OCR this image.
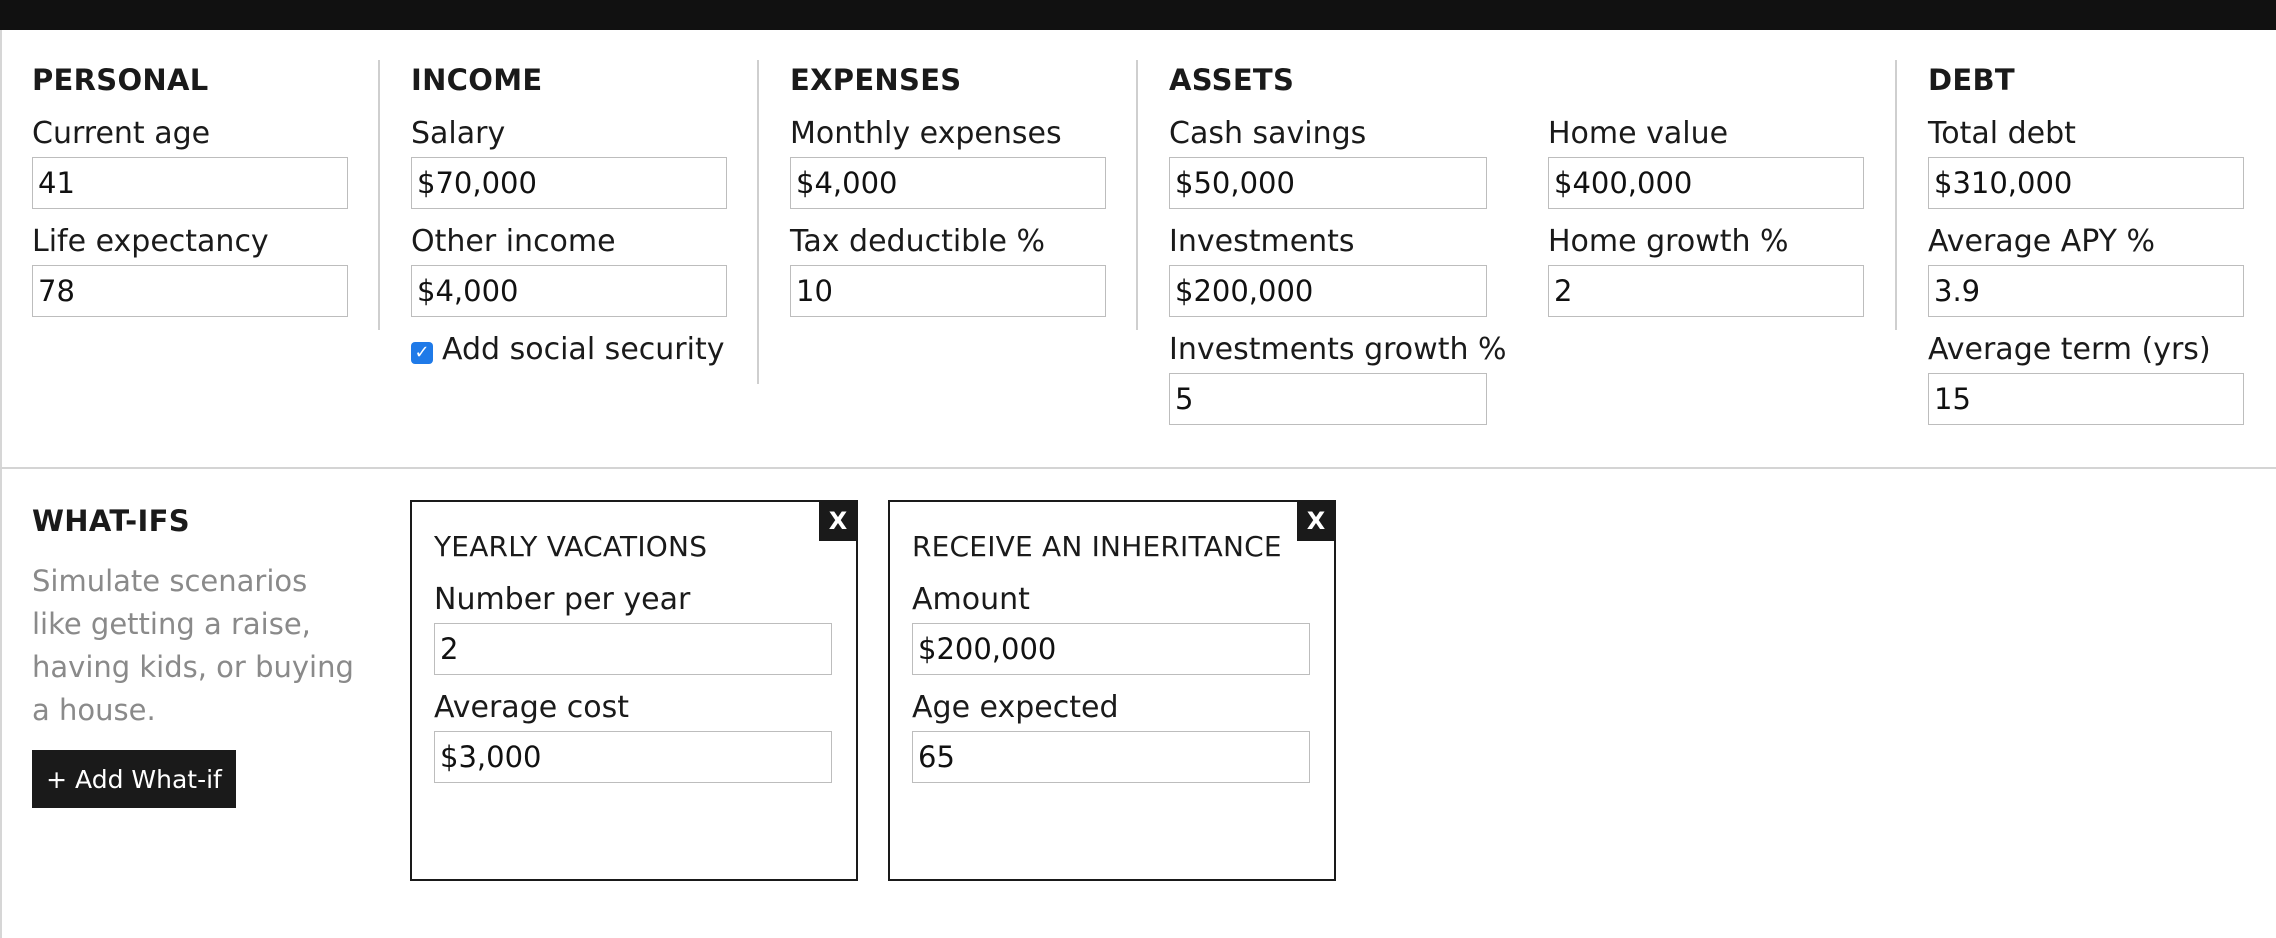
PERSONAL
Current age
41
Life expectancy
78
INCOME
Salary
$70,000
Other income
$4,000
✓ Add social security
EXPENSES
Monthly expenses
$4,000
Tax deductible %
10
ASSETS
Cash savings
$50,000
Investments
$200,000
Investments growth %
5
Home value
$400,000
Home growth %
2
DEBT
Total debt
$310,000
Average APY %
3.9
Average term (yrs)
15
WHAT-IFS
Simulate scenarios like getting a raise, having kids, or buying a house.
+ Add What-if
X
YEARLY VACATIONS
Number per year
2
Average cost
$3,000
X
RECEIVE AN INHERITANCE
Amount
$200,000
Age expected
65
